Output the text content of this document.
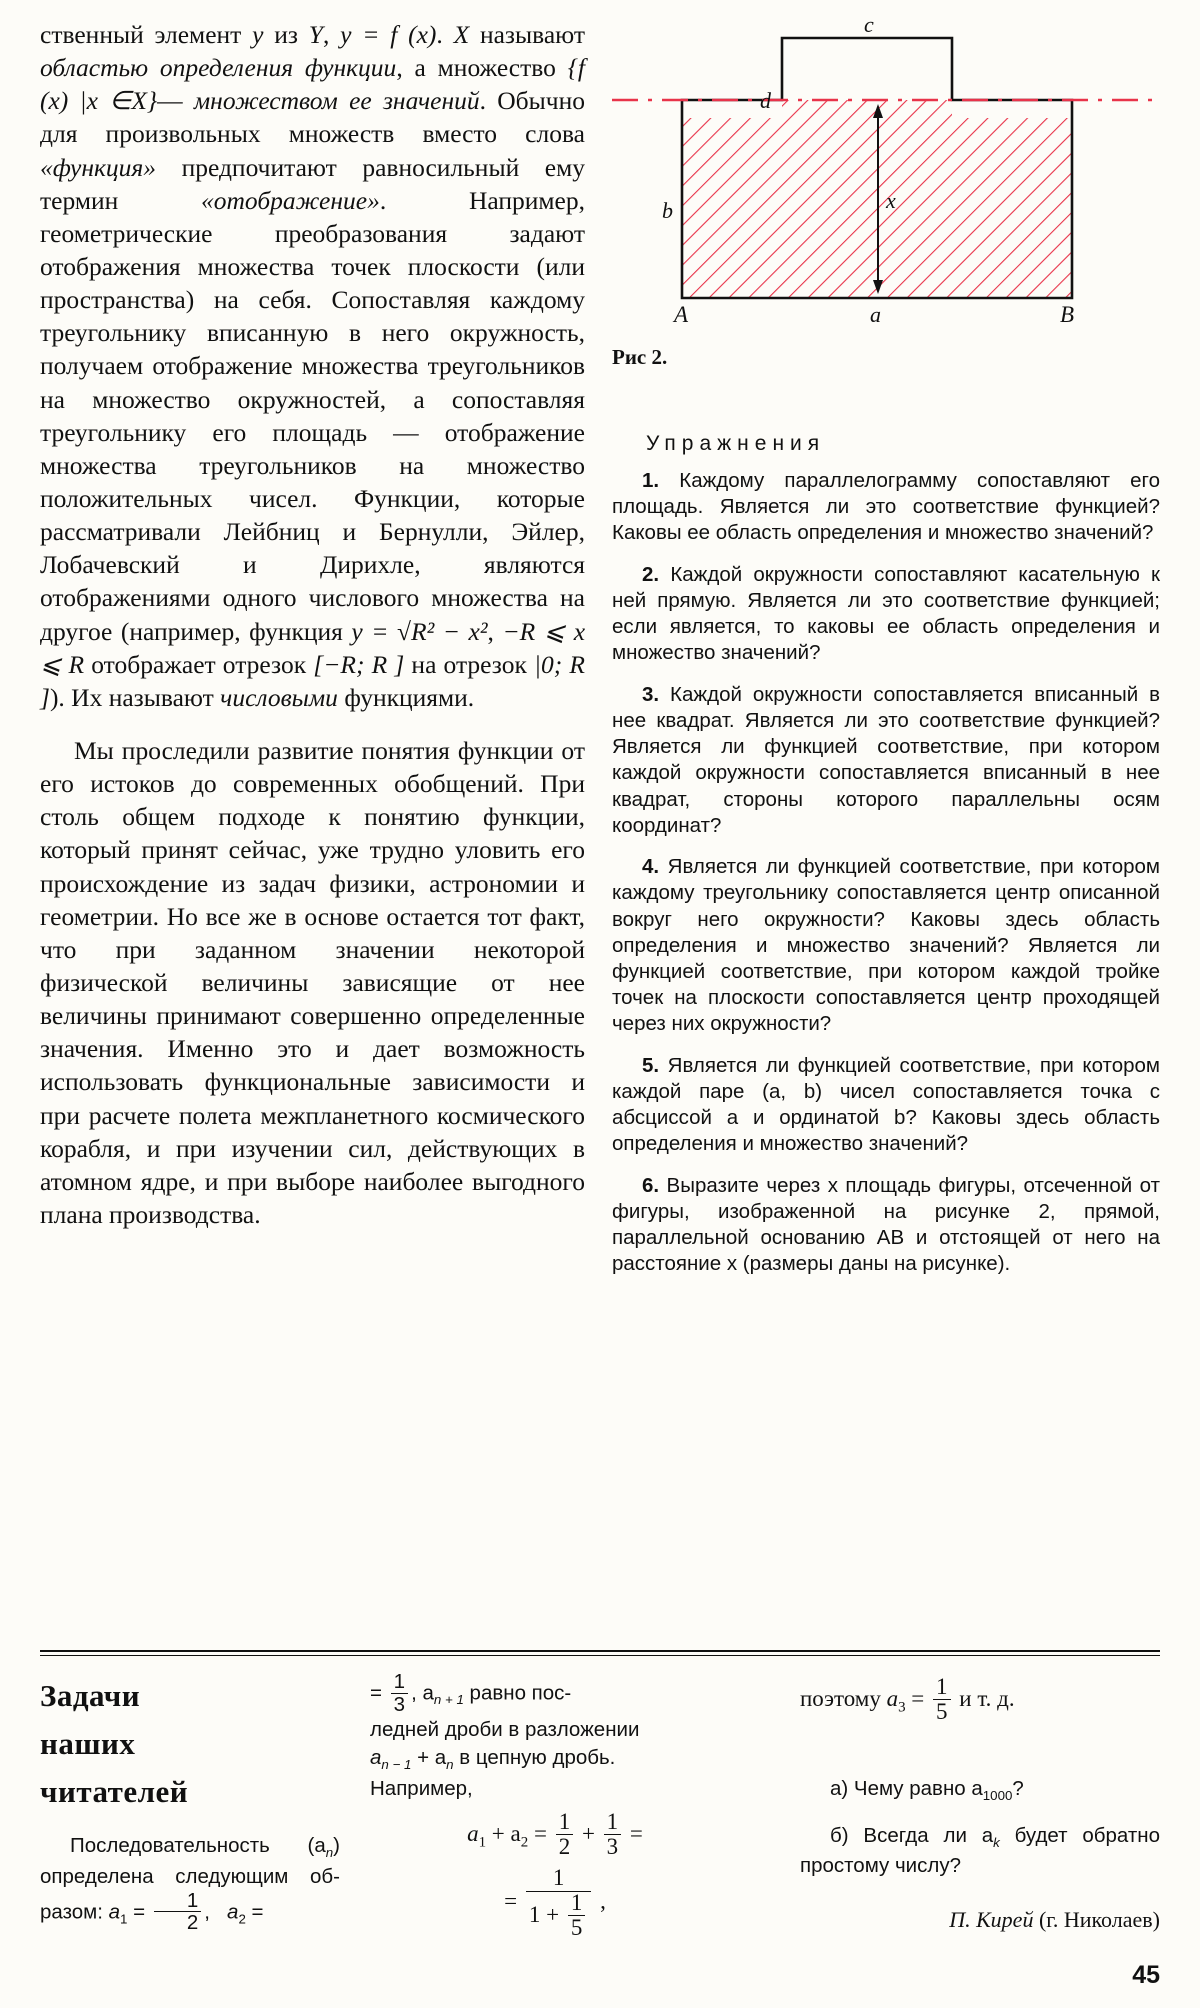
ственный элемент y из Y, y = f (x). X называют областью определения функции, а множество {f (x) |x ∈X}— множеством ее значений. Обычно для произвольных множеств вместо слова «функция» предпочитают равносильный ему термин «отображение». Например, геометрические преобразования задают отображения множества точек плоскости (или пространства) на себя. Сопоставляя каждому треугольнику вписанную в него окружность, получаем отображение множества треугольников на множество окружностей, а сопоставляя треугольнику его площадь — отображение множества треугольников на множество положительных чисел. Функции, которые рассматривали Лейбниц и Бернулли, Эйлер, Лобачевский и Дирихле, являются отображениями одного числового множества на другое (например, функция y = √R² − x², −R ⩽ x ⩽ R отображает отрезок [−R; R ] на отрезок |0; R ]). Их называют числовыми функциями.

Мы проследили развитие понятия функции от его истоков до современных обобщений. При столь общем подходе к понятию функции, который принят сейчас, уже трудно уловить его происхождение из задач физики, астрономии и геометрии. Но все же в основе остается тот факт, что при заданном значении некоторой физической величины зависящие от нее величины принимают совершенно определенные значения. Именно это и дает возможность использовать функциональные зависимости и при расчете полета межпланетного космического корабля, и при изучении сил, действующих в атомном ядре, и при выборе наиболее выгодного плана производства.

c
d
b	x
a
A	B
Рис 2.
Упражнения

1. Каждому параллелограмму сопоставляют его площадь. Является ли это соответствие функцией? Каковы ее область определения и множество значений?

2. Каждой окружности сопоставляют касательную к ней прямую. Является ли это соответствие функцией; если является, то каковы ее область определения и множество значений?

3. Каждой окружности сопоставляется вписанный в нее квадрат. Является ли это соответствие функцией? Является ли функцией соответствие, при котором каждой окружности сопоставляется вписанный в нее квадрат, стороны которого параллельны осям координат?

4. Является ли функцией соответствие, при котором каждому треугольнику сопоставляется центр описанной вокруг него окружности? Каковы здесь область определения и множество значений? Является ли функцией соответствие, при котором каждой тройке точек на плоскости сопоставляется центр проходящей через них окружности?

5. Является ли функцией соответствие, при котором каждой паре (a, b) чисел сопоставляется точка с абсциссой a и ординатой b? Каковы здесь область определения и множество значений?

6. Выразите через x площадь фигуры, отсеченной от фигуры, изображенной на рисунке 2, прямой, параллельной основанию AB и отстоящей от него на расстояние x (размеры даны на рисунке).

Задачи
наших
читателей

Последовательность $(a_n)$ определена следующим об-разом: $a_1 = \frac{1}{2}$ ,   $a_2$ =

= $\frac{1}{3}$ , $a_{n + 1}$ равно пос-

ледней дроби в разложении

$a_{n - 1} + a_n$ в цепную дробь.

Например,

$a_1 + a_2 = \frac{1}{2} + \frac{1}{3}$ =
= $\frac{1}{1 + \frac{1}{5}}$ ,
поэтому $a_3 = \frac{1}{5}$ и т. д.

а) Чему равно $a_{1000}$?

б) Всегда ли $a_k$ будет обратно простому числу?

П. Кирей (г. Николаев)
45
